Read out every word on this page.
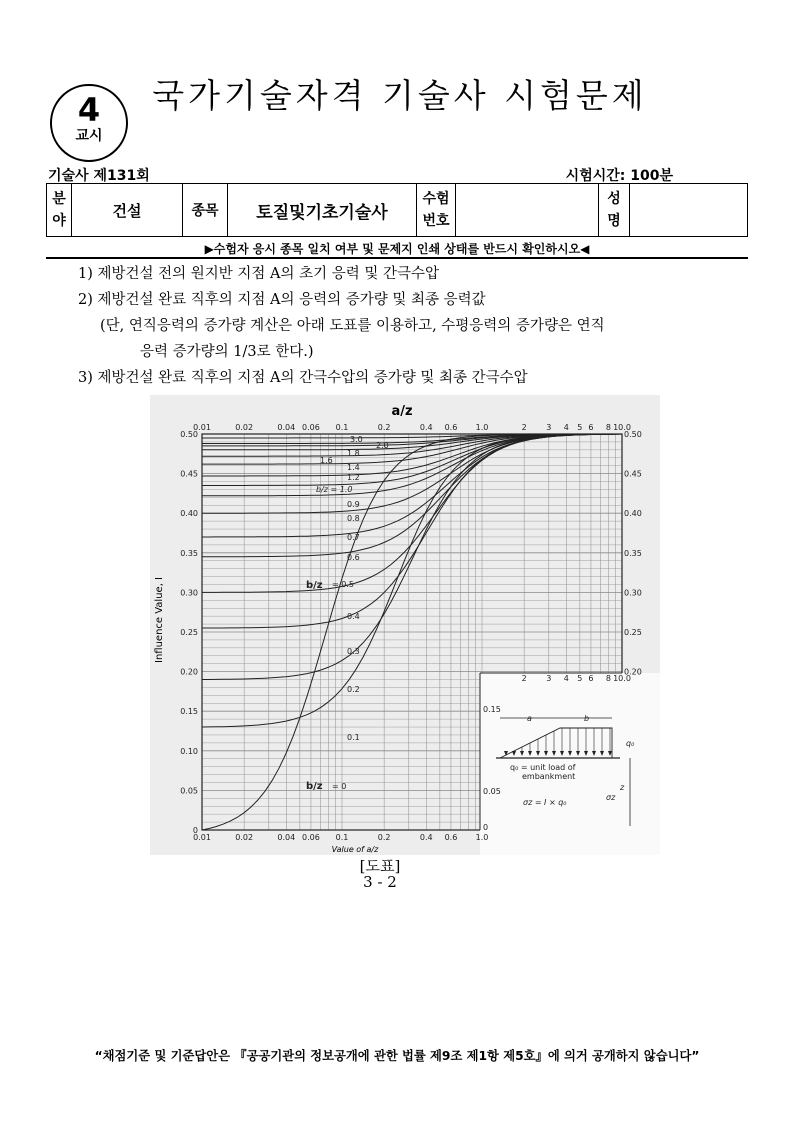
4
교시
국가기술자격 기술사 시험문제
기술사 제131회	시험시간: 100분
분
야
	건설	종목	토질및기초기술사	
수험
번호

성
명

▶수험자 응시 종목 일치 여부 및 문제지 인쇄 상태를 반드시 확인하시오◀
1) 제방건설 전의 원지반 지점 A의 초기 응력 및 간극수압
2) 제방건설 완료 직후의 지점 A의 응력의 증가량 및 최종 응력값
(단, 연직응력의 증가량 계산은 아래 도표를 이용하고, 수평응력의 증가량은 연직
응력 증가량의 1/3로 한다.)
3) 제방건설 완료 직후의 지점 A의 간극수압의 증가량 및 최종 간극수압
0.01	0.02	0.04 0.06 0.1	0.2	0.4 0.6 1.0	2 3 4 5 6 8 10.0
0.01	0.02	0.04 0.06 0.1	0.2	0.4 0.6 1.0
0.50	0.50
0.45	0.45
0.40	0.40
0.35	0.35
0.30	0.30
0.25	0.25
0.20	0.20
0.15
0.10
0.05
0
a/z
Value of a/z
Influence Value, I
3.0
2.0
1.8
1.6
1.4
1.2
b/z = 1.0
0.9
0.8
0.7
0.6
b/z = 0.5
0.4
0.3
0.2
0.1
b/z = 0
0.15
0.05
0
2 3 4 5 6 8 10.0
a	b
q₀
q₀ = unit load of
embankment
σz = I × q₀
z
σz
[도표]
3 - 2
“채점기준 및 기준답안은 『공공기관의 정보공개에 관한 법률 제9조 제1항 제5호』에 의거 공개하지 않습니다”
